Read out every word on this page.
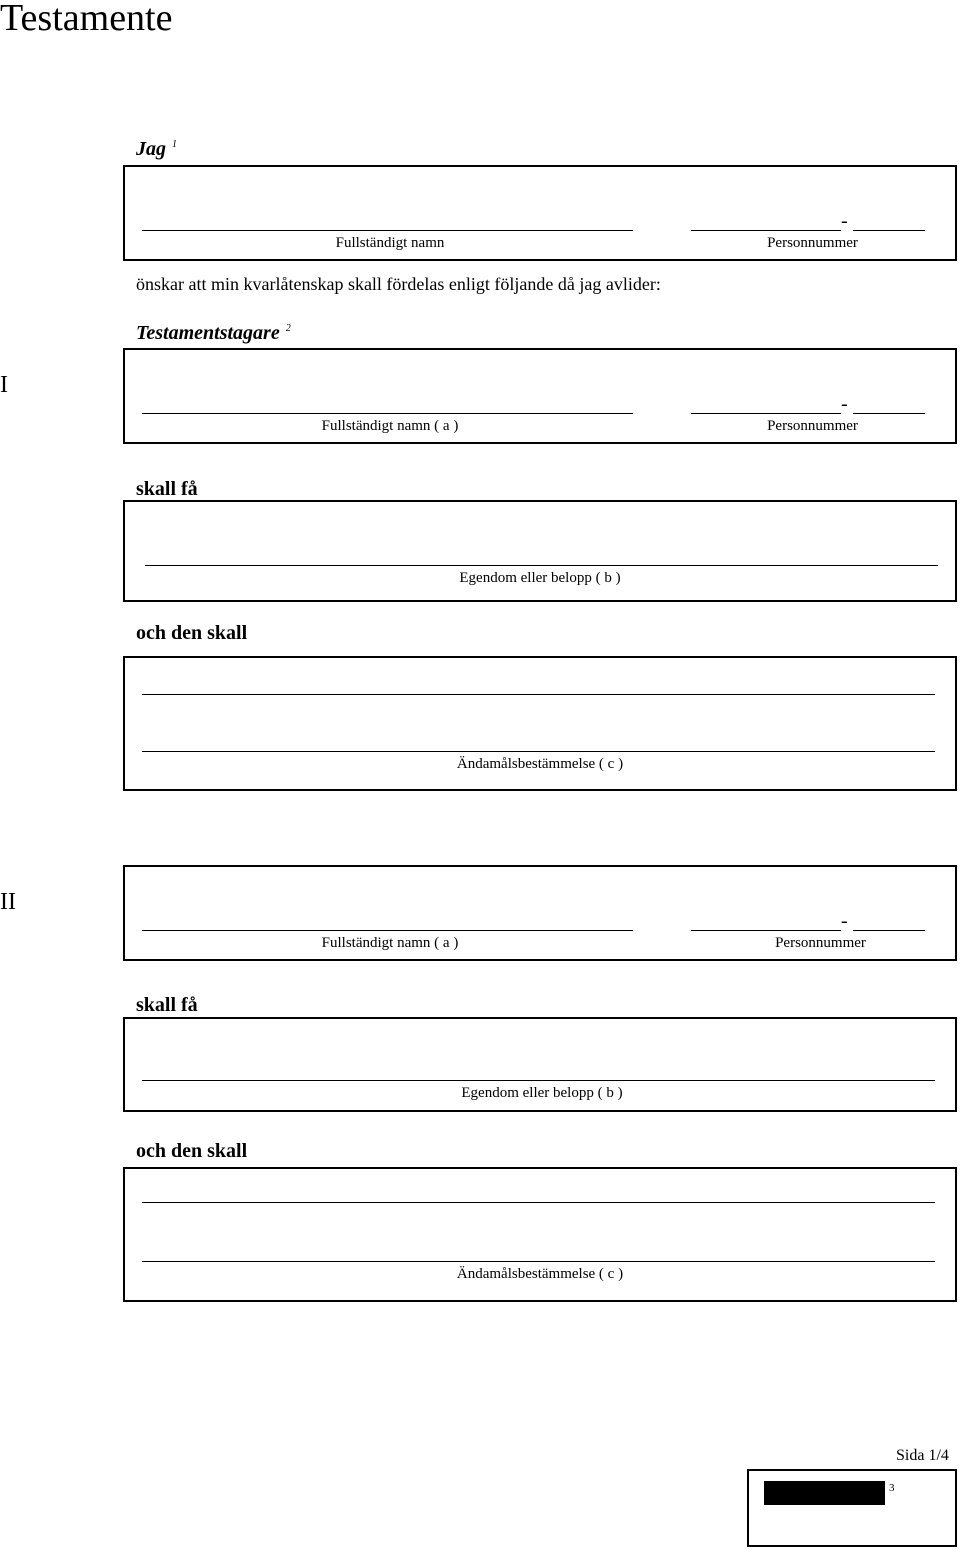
Testamente
Jag $^1$
-
Fullständigt namn	Personnummer
önskar att min kvarlåtenskap skall fördelas enligt följande då jag avlider:
Testamentstagare $^2$
I
-
Fullständigt namn ( a )	Personnummer
skall få
Egendom eller belopp ( b )
och den skall
Ändamålsbestämmelse ( c )
II
-
Fullständigt namn ( a )	Personnummer
skall få
Egendom eller belopp ( b )
och den skall
Ändamålsbestämmelse ( c )
Sida 1/4
3
